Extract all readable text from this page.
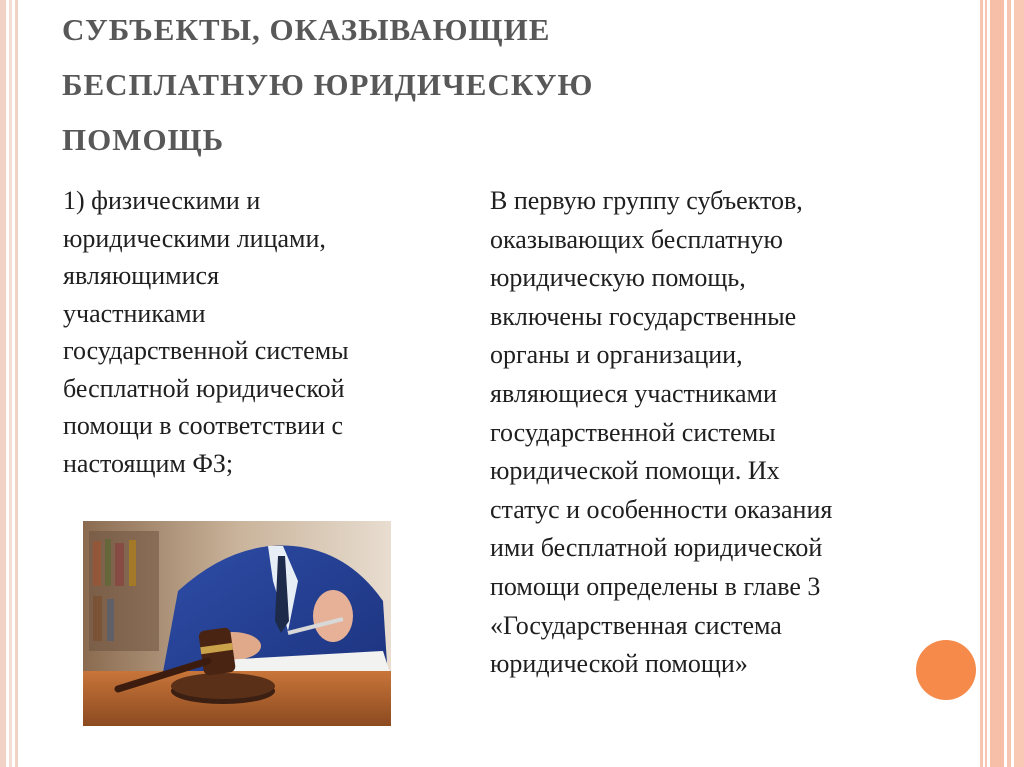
СУБЪЕКТЫ, ОКАЗЫВАЮЩИЕ
БЕСПЛАТНУЮ ЮРИДИЧЕСКУЮ
ПОМОЩЬ
1) физическими и
юридическими лицами,
являющимися
участниками
государственной системы
бесплатной юридической
помощи в соответствии с
настоящим ФЗ;
В первую группу субъектов,
оказывающих бесплатную
юридическую помощь,
включены государственные
органы и организации,
являющиеся участниками
государственной системы
юридической помощи. Их
статус и особенности оказания
ими бесплатной юридической
помощи определены в главе 3
«Государственная система
юридической помощи»
